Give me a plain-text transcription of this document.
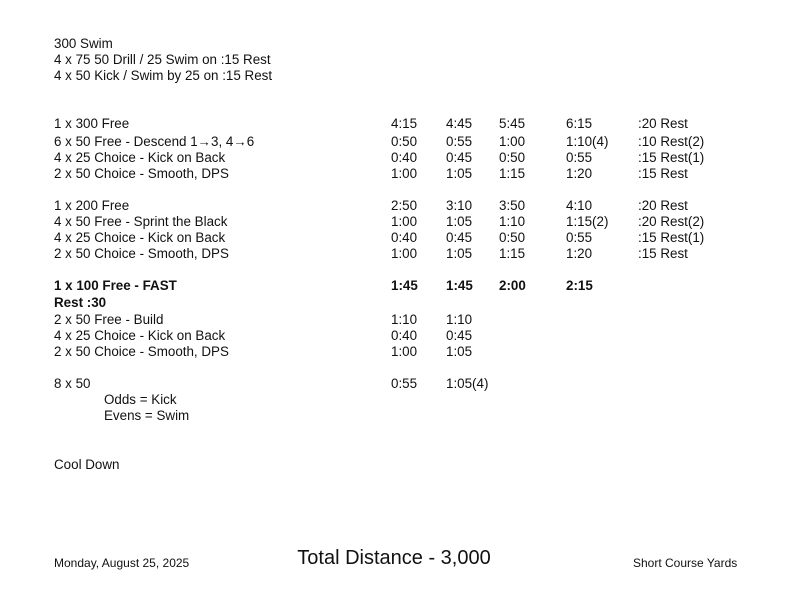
300 Swim
4 x 75 50 Drill / 25 Swim on :15 Rest
4 x 50 Kick / Swim by 25 on :15 Rest
1 x 300 Free	4:15 4:45 5:45	6:15	:20 Rest
6 x 50 Free - Descend 1→3, 4→6	0:50 0:55 1:00	1:10(4) :10 Rest(2)
4 x 25 Choice - Kick on Back	0:40 0:45 0:50	0:55	:15 Rest(1)
2 x 50 Choice - Smooth, DPS	1:00 1:05 1:15	1:20	:15 Rest
1 x 200 Free	2:50 3:10 3:50	4:10	:20 Rest
4 x 50 Free - Sprint the Black	1:00 1:05 1:10	1:15(2) :20 Rest(2)
4 x 25 Choice - Kick on Back	0:40 0:45 0:50	0:55	:15 Rest(1)
2 x 50 Choice - Smooth, DPS	1:00 1:05 1:15	1:20	:15 Rest
1 x 100 Free - FAST	1:45 1:45 2:00	2:15
Rest :30
2 x 50 Free - Build	1:10 1:10
4 x 25 Choice - Kick on Back	0:40 0:45
2 x 50 Choice - Smooth, DPS	1:00 1:05
8 x 50	0:55 1:05(4)
Odds = Kick
Evens = Swim
Cool Down
Monday, August 25, 2025	Total Distance - 3,000	Short Course Yards
